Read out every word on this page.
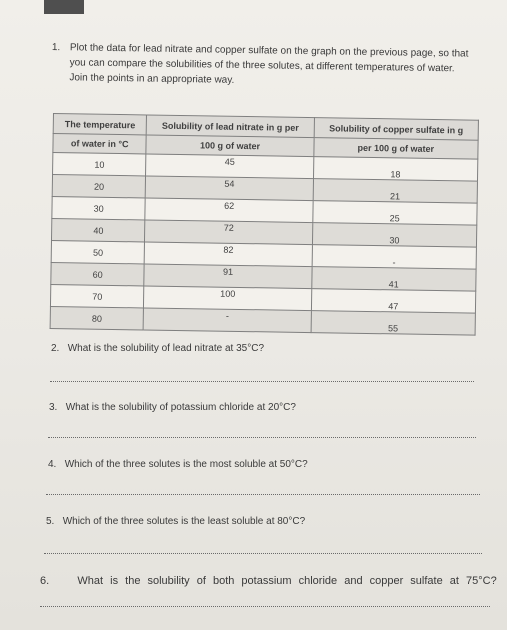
1. Plot the data for lead nitrate and copper sulfate on the graph on the previous page, so that
you can compare the solubilities of the three solutes, at different temperatures of water.
Join the points in an appropriate way.
The temperature	Solubility of lead nitrate in g per	Solubility of copper sulfate in g
of water in °C	100 g of water	per 100 g of water
10	45	18
20	54	21
30	62	25
40	72	30
50	82	-
60	91	41
70	100	47
80	-	55
2. What is the solubility of lead nitrate at 35°C?
3. What is the solubility of potassium chloride at 20°C?
4. Which of the three solutes is the most soluble at 50°C?
5. Which of the three solutes is the least soluble at 80°C?
6.	What is the solubility of both potassium chloride and copper sulfate at 75°C?
